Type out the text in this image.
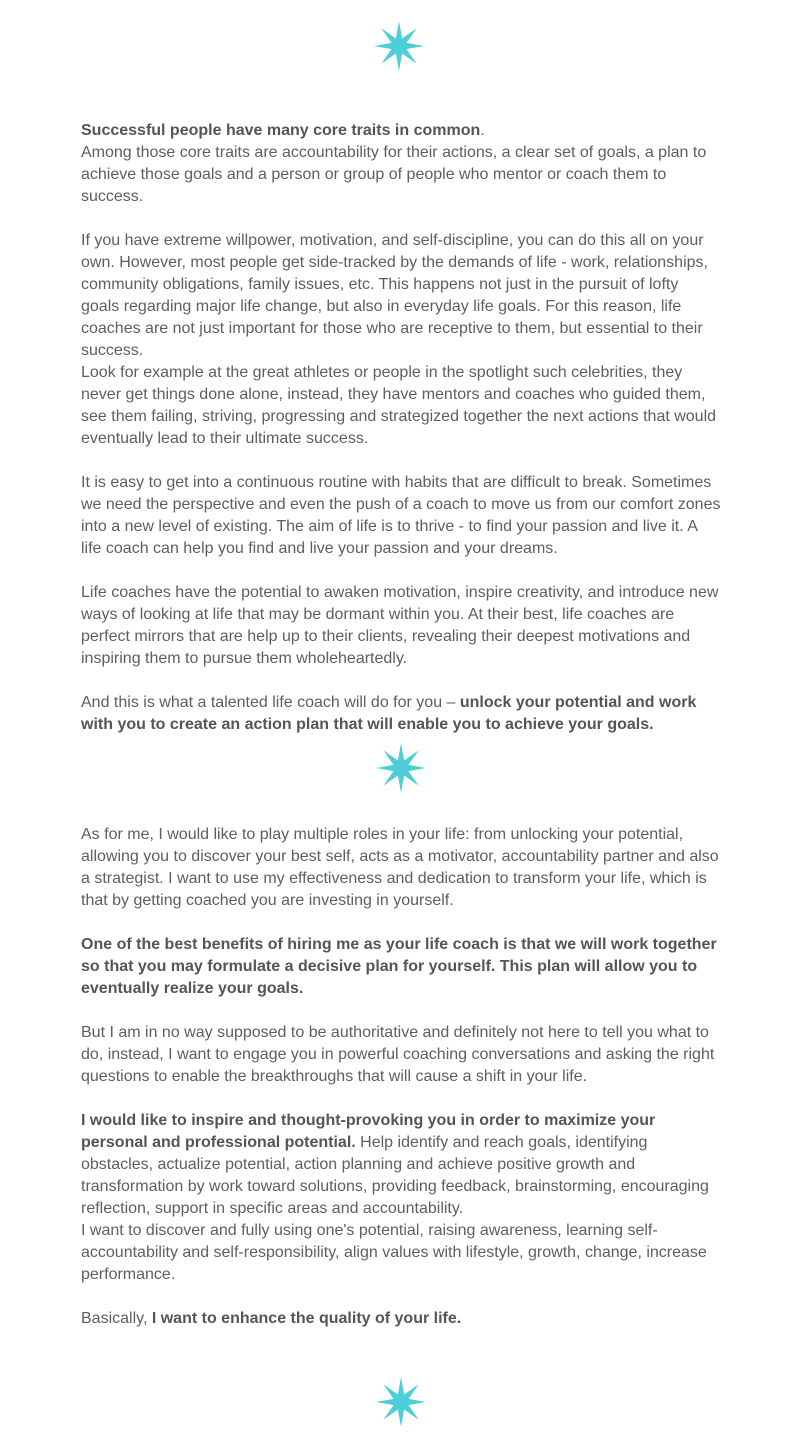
Successful people have many core traits in common.
Among those core traits are accountability for their actions, a clear set of goals, a plan to achieve those goals and a person or group of people who mentor or coach them to success.

If you have extreme willpower, motivation, and self-discipline, you can do this all on your own. However, most people get side-tracked by the demands of life - work, relationships, community obligations, family issues, etc. This happens not just in the pursuit of lofty goals regarding major life change, but also in everyday life goals. For this reason, life coaches are not just important for those who are receptive to them, but essential to their success.
Look for example at the great athletes or people in the spotlight such celebrities, they never get things done alone, instead, they have mentors and coaches who guided them, see them failing, striving, progressing and strategized together the next actions that would eventually lead to their ultimate success.

It is easy to get into a continuous routine with habits that are difficult to break. Sometimes we need the perspective and even the push of a coach to move us from our comfort zones into a new level of existing. The aim of life is to thrive - to find your passion and live it. A life coach can help you find and live your passion and your dreams.

Life coaches have the potential to awaken motivation, inspire creativity, and introduce new ways of looking at life that may be dormant within you. At their best, life coaches are perfect mirrors that are help up to their clients, revealing their deepest motivations and inspiring them to pursue them wholeheartedly.

And this is what a talented life coach will do for you – unlock your potential and work with you to create an action plan that will enable you to achieve your goals.

As for me, I would like to play multiple roles in your life: from unlocking your potential, allowing you to discover your best self, acts as a motivator, accountability partner and also a strategist. I want to use my effectiveness and dedication to transform your life, which is that by getting coached you are investing in yourself.

One of the best benefits of hiring me as your life coach is that we will work together so that you may formulate a decisive plan for yourself. This plan will allow you to eventually realize your goals.

But I am in no way supposed to be authoritative and definitely not here to tell you what to do, instead, I want to engage you in powerful coaching conversations and asking the right questions to enable the breakthroughs that will cause a shift in your life.

I would like to inspire and thought-provoking you in order to maximize your personal and professional potential. Help identify and reach goals, identifying obstacles, actualize potential, action planning and achieve positive growth and transformation by work toward solutions, providing feedback, brainstorming, encouraging reflection, support in specific areas and accountability.
I want to discover and fully using one's potential, raising awareness, learning self-accountability and self-responsibility, align values with lifestyle, growth, change, increase performance.

Basically, I want to enhance the quality of your life.
